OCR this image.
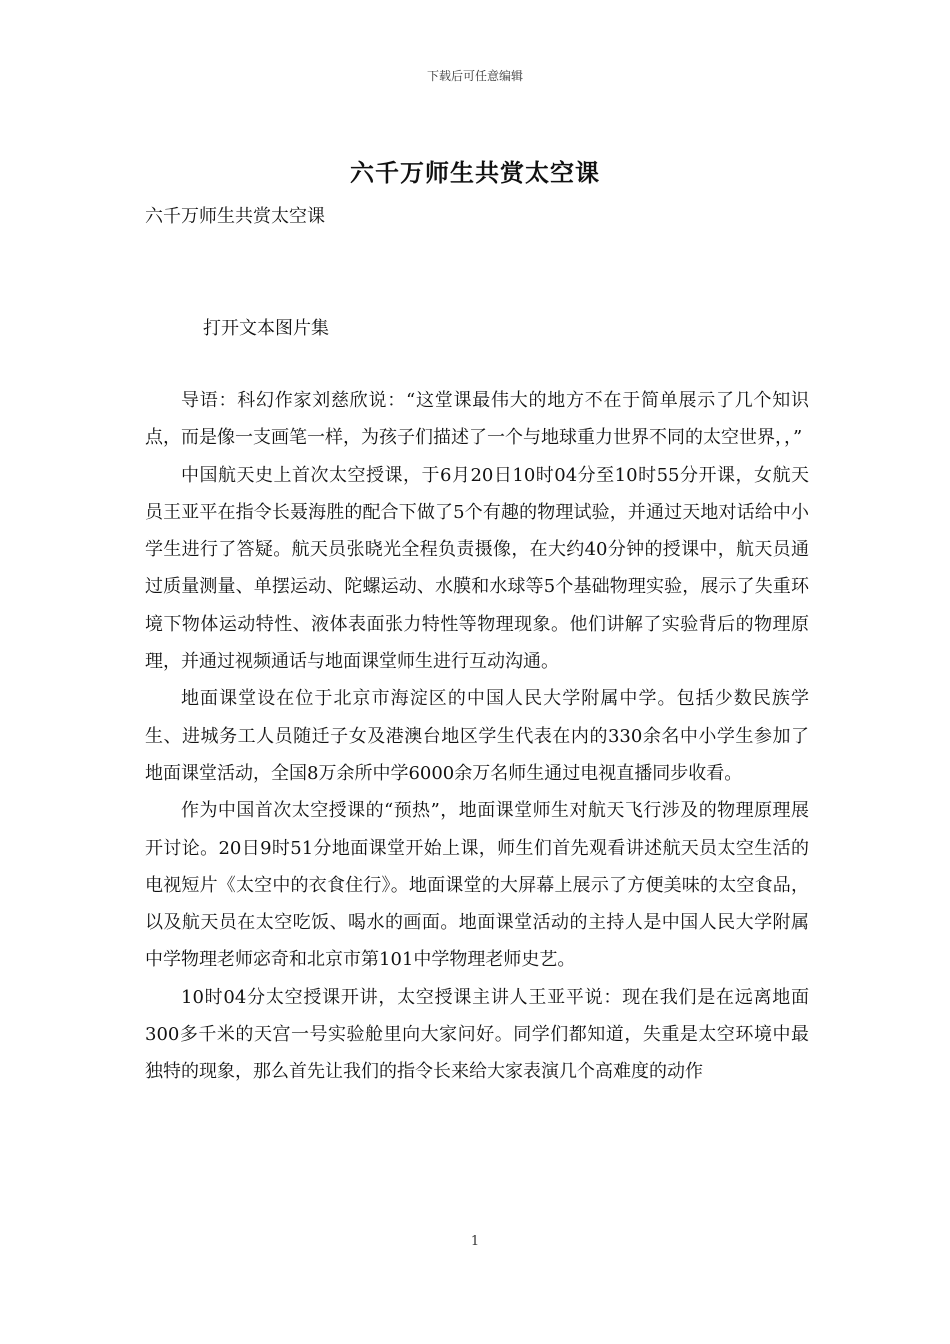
下载后可任意编辑
六千万师生共赏太空课
六千万师生共赏太空课
打开文本图片集

导语：科幻作家刘慈欣说：“这堂课最伟大的地方不在于简单展示了几个知识点，而是像一支画笔一样，为孩子们描述了一个与地球重力世界不同的太空世界，，”

中国航天史上首次太空授课，于6月20日10时04分至10时55分开课，女航天员王亚平在指令长聂海胜的配合下做了5个有趣的物理试验，并通过天地对话给中小学生进行了答疑。航天员张晓光全程负责摄像，在大约40分钟的授课中，航天员通过质量测量、单摆运动、陀螺运动、水膜和水球等5个基础物理实验，展示了失重环境下物体运动特性、液体表面张力特性等物理现象。他们讲解了实验背后的物理原理，并通过视频通话与地面课堂师生进行互动沟通。

地面课堂设在位于北京市海淀区的中国人民大学附属中学。包括少数民族学生、进城务工人员随迁子女及港澳台地区学生代表在内的330余名中小学生参加了地面课堂活动，全国8万余所中学6000余万名师生通过电视直播同步收看。

作为中国首次太空授课的“预热”，地面课堂师生对航天飞行涉及的物理原理展开讨论。20日9时51分地面课堂开始上课，师生们首先观看讲述航天员太空生活的电视短片《太空中的衣食住行》。地面课堂的大屏幕上展示了方便美味的太空食品，以及航天员在太空吃饭、喝水的画面。地面课堂活动的主持人是中国人民大学附属中学物理老师宓奇和北京市第101中学物理老师史艺。

10时04分太空授课开讲，太空授课主讲人王亚平说：现在我们是在远离地面300多千米的天宫一号实验舱里向大家问好。同学们都知道，失重是太空环境中最独特的现象，那么首先让我们的指令长来给大家表演几个高难度的动作

1
